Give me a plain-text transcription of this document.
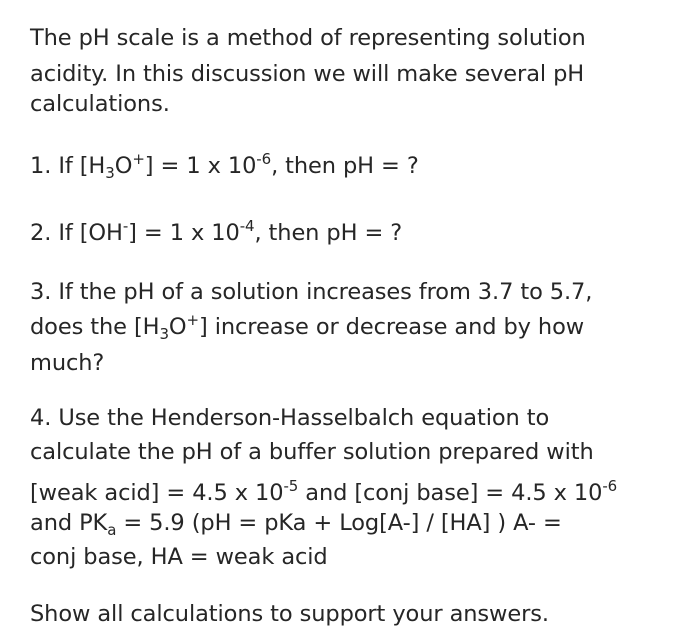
The pH scale is a method of representing solution
acidity. In this discussion we will make several pH
calculations.
1. If $[H_3O^+] = 1$ x $10^{-6}$, then pH = ?
2. If [OH-] = 1 x $10^{-4}$, then pH = ?
3. If the pH of a solution increases from 3.7 to 5.7,
does the $[H_3O^+]$ increase or decrease and by how
much?
4. Use the Henderson-Hasselbalch equation to
calculate the pH of a buffer solution prepared with
[weak acid] = 4.5 x $10^{-5}$ and [conj base] = 4.5 x $10^{-6}$
and $PK_a = 5.9$ (pH = pKa + Log[A-] / [HA] ) A- =
conj base, HA = weak acid
Show all calculations to support your answers.
